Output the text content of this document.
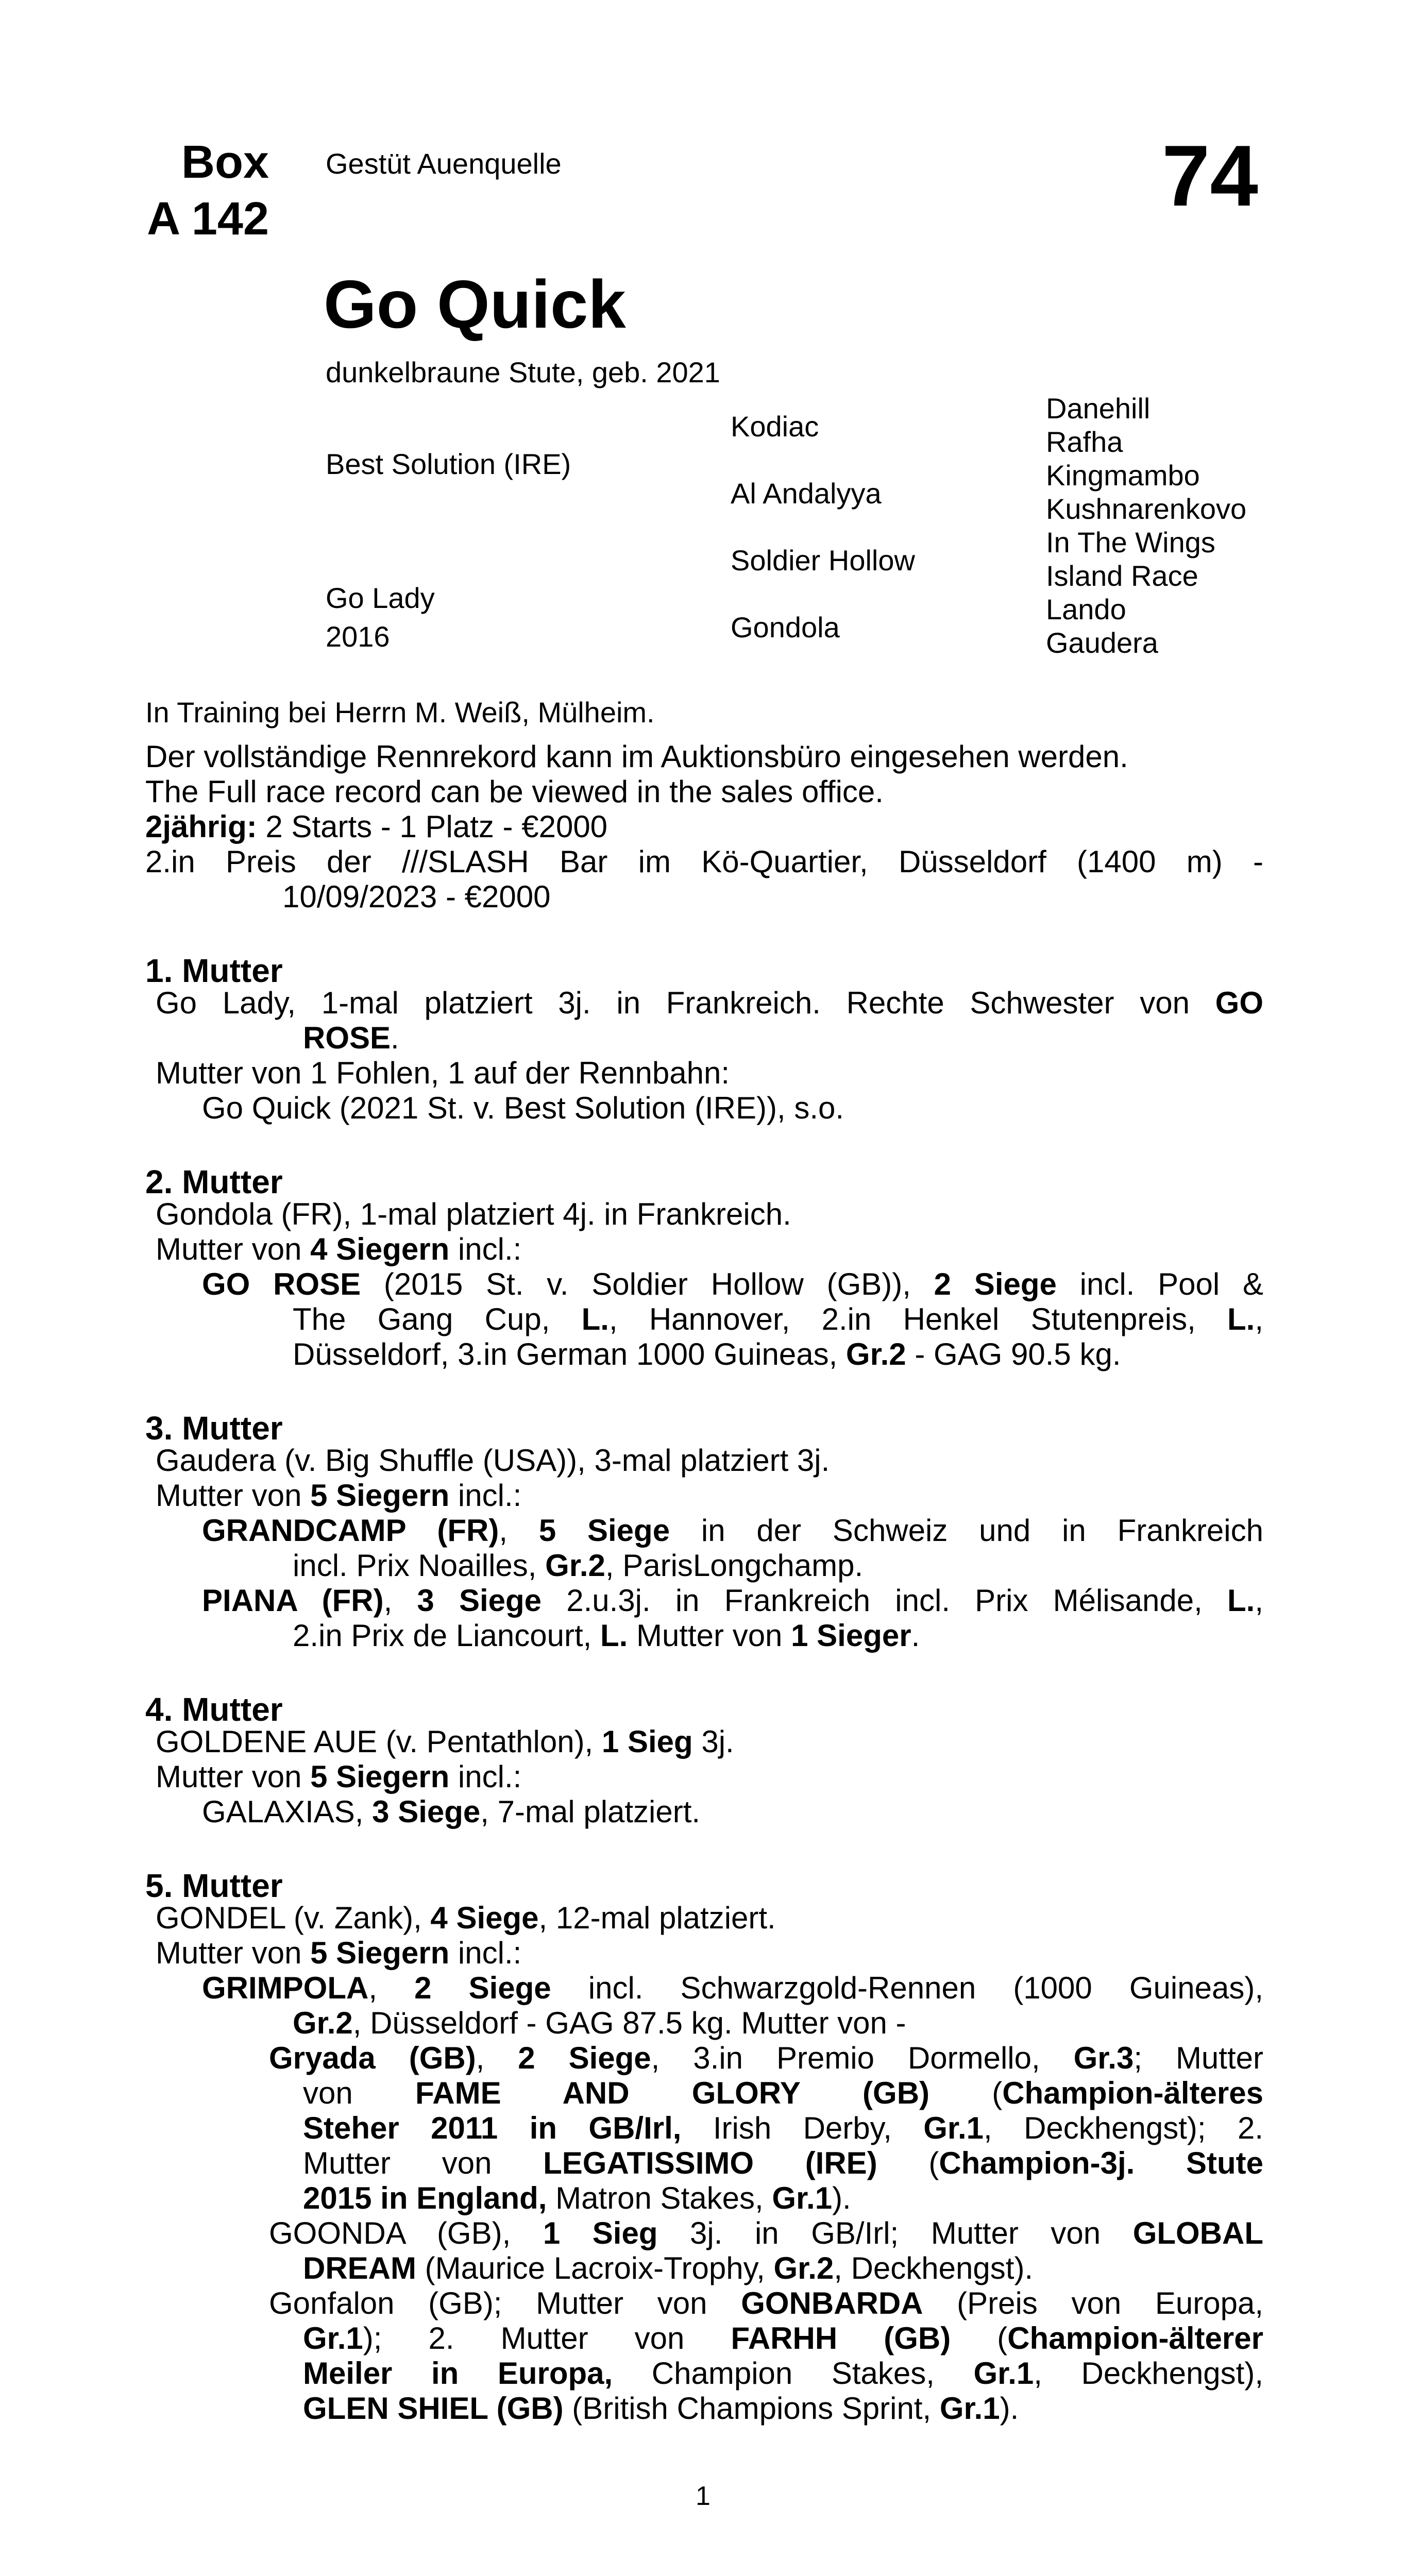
Box
A 142
Gestüt Auenquelle	74
Go Quick
dunkelbraune Stute, geb. 2021
Best Solution (IRE)
Go Lady
2016
Kodiac
Al Andalyya
Soldier Hollow
Gondola
Danehill
Rafha
Kingmambo
Kushnarenkovo
In The Wings
Island Race
Lando
Gaudera
In Training bei Herrn M. Weiß, Mülheim.
Der vollständige Rennrekord kann im Auktionsbüro eingesehen werden.
The Full race record can be viewed in the sales office.
2jährig: 2 Starts - 1 Platz - €2000
2.in Preis der ///SLASH Bar im Kö-Quartier, Düsseldorf (1400 m) -
10/09/2023 - €2000
1. Mutter
Go Lady, 1-mal platziert 3j. in Frankreich. Rechte Schwester von GO
ROSE.
Mutter von 1 Fohlen, 1 auf der Rennbahn:
Go Quick (2021 St. v. Best Solution (IRE)), s.o.
2. Mutter
Gondola (FR), 1-mal platziert 4j. in Frankreich.
Mutter von 4 Siegern incl.:
GO ROSE (2015 St. v. Soldier Hollow (GB)), 2 Siege incl. Pool &
The Gang Cup, L., Hannover, 2.in Henkel Stutenpreis, L.,
Düsseldorf, 3.in German 1000 Guineas, Gr.2 - GAG 90.5 kg.
3. Mutter
Gaudera (v. Big Shuffle (USA)), 3-mal platziert 3j.
Mutter von 5 Siegern incl.:
GRANDCAMP (FR), 5 Siege in der Schweiz und in Frankreich
incl. Prix Noailles, Gr.2, ParisLongchamp.
PIANA (FR), 3 Siege 2.u.3j. in Frankreich incl. Prix Mélisande, L.,
2.in Prix de Liancourt, L. Mutter von 1 Sieger.
4. Mutter
GOLDENE AUE (v. Pentathlon), 1 Sieg 3j.
Mutter von 5 Siegern incl.:
GALAXIAS, 3 Siege, 7-mal platziert.
5. Mutter
GONDEL (v. Zank), 4 Siege, 12-mal platziert.
Mutter von 5 Siegern incl.:
GRIMPOLA, 2 Siege incl. Schwarzgold-Rennen (1000 Guineas),
Gr.2, Düsseldorf - GAG 87.5 kg. Mutter von -
Gryada (GB), 2 Siege, 3.in Premio Dormello, Gr.3; Mutter
von FAME AND GLORY (GB) (Champion-älteres
Steher 2011 in GB/Irl, Irish Derby, Gr.1, Deckhengst); 2.
Mutter von LEGATISSIMO (IRE) (Champion-3j. Stute
2015 in England, Matron Stakes, Gr.1).
GOONDA (GB), 1 Sieg 3j. in GB/Irl; Mutter von GLOBAL
DREAM (Maurice Lacroix-Trophy, Gr.2, Deckhengst).
Gonfalon (GB); Mutter von GONBARDA (Preis von Europa,
Gr.1); 2. Mutter von FARHH (GB) (Champion-älterer
Meiler in Europa, Champion Stakes, Gr.1, Deckhengst),
GLEN SHIEL (GB) (British Champions Sprint, Gr.1).
1
